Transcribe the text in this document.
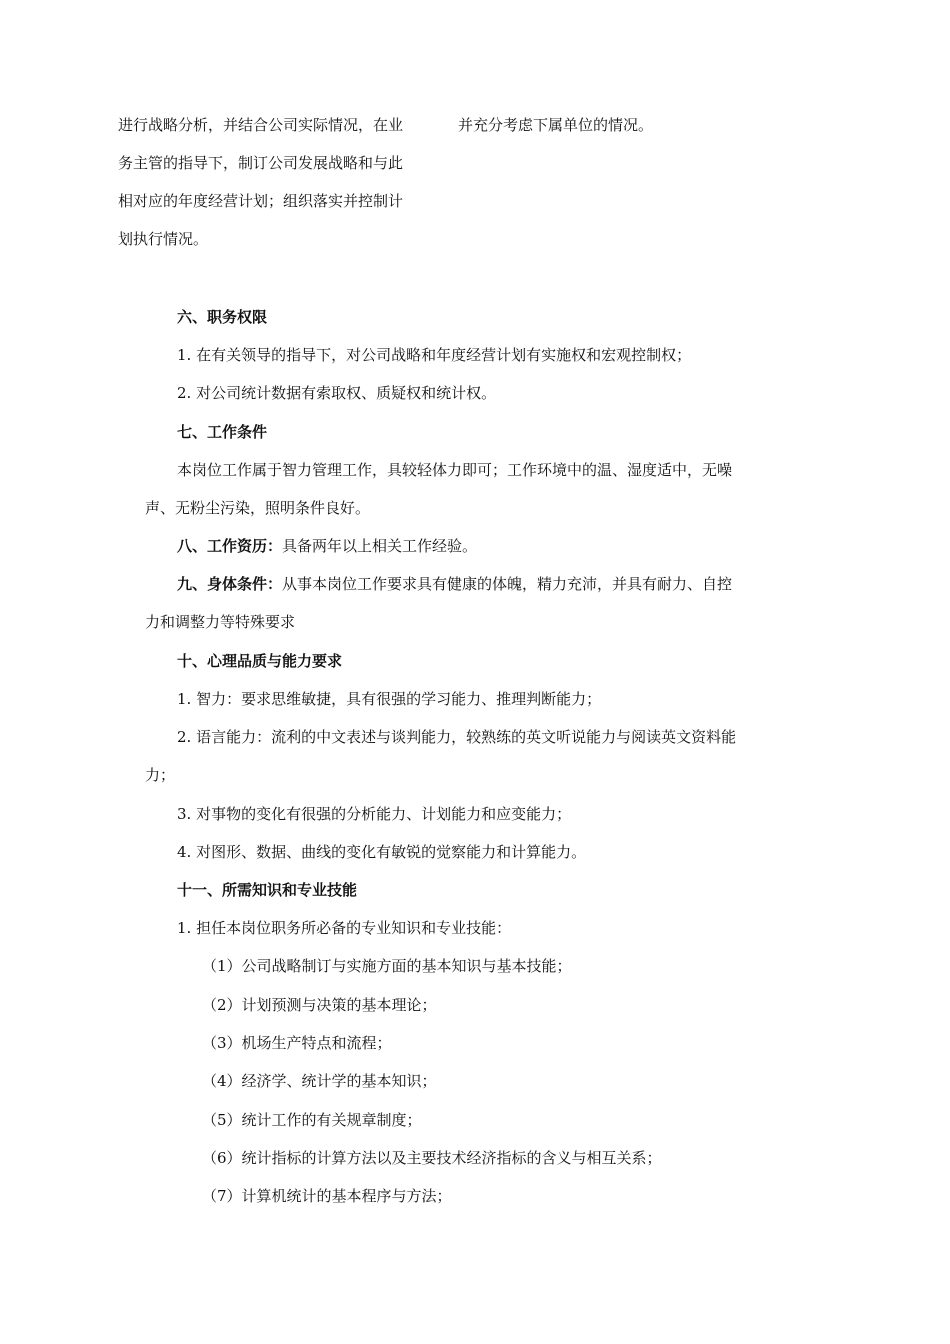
进行战略分析，并结合公司实际情况，在业
务主管的指导下，制订公司发展战略和与此
相对应的年度经营计划；组织落实并控制计
划执行情况。
并充分考虑下属单位的情况。
六、职务权限
1. 在有关领导的指导下，对公司战略和年度经营计划有实施权和宏观控制权；
2. 对公司统计数据有索取权、质疑权和统计权。
七、工作条件
本岗位工作属于智力管理工作，具较轻体力即可；工作环境中的温、湿度适中，无噪
声、无粉尘污染，照明条件良好。
八、工作资历：具备两年以上相关工作经验。
九、身体条件：从事本岗位工作要求具有健康的体魄，精力充沛，并具有耐力、自控
力和调整力等特殊要求
十、心理品质与能力要求
1. 智力：要求思维敏捷，具有很强的学习能力、推理判断能力；
2. 语言能力：流利的中文表述与谈判能力，较熟练的英文听说能力与阅读英文资料能
力；
3. 对事物的变化有很强的分析能力、计划能力和应变能力；
4. 对图形、数据、曲线的变化有敏锐的觉察能力和计算能力。
十一、所需知识和专业技能
1. 担任本岗位职务所必备的专业知识和专业技能：
（1）公司战略制订与实施方面的基本知识与基本技能；
（2）计划预测与决策的基本理论；
（3）机场生产特点和流程；
（4）经济学、统计学的基本知识；
（5）统计工作的有关规章制度；
（6）统计指标的计算方法以及主要技术经济指标的含义与相互关系；
（7）计算机统计的基本程序与方法；
